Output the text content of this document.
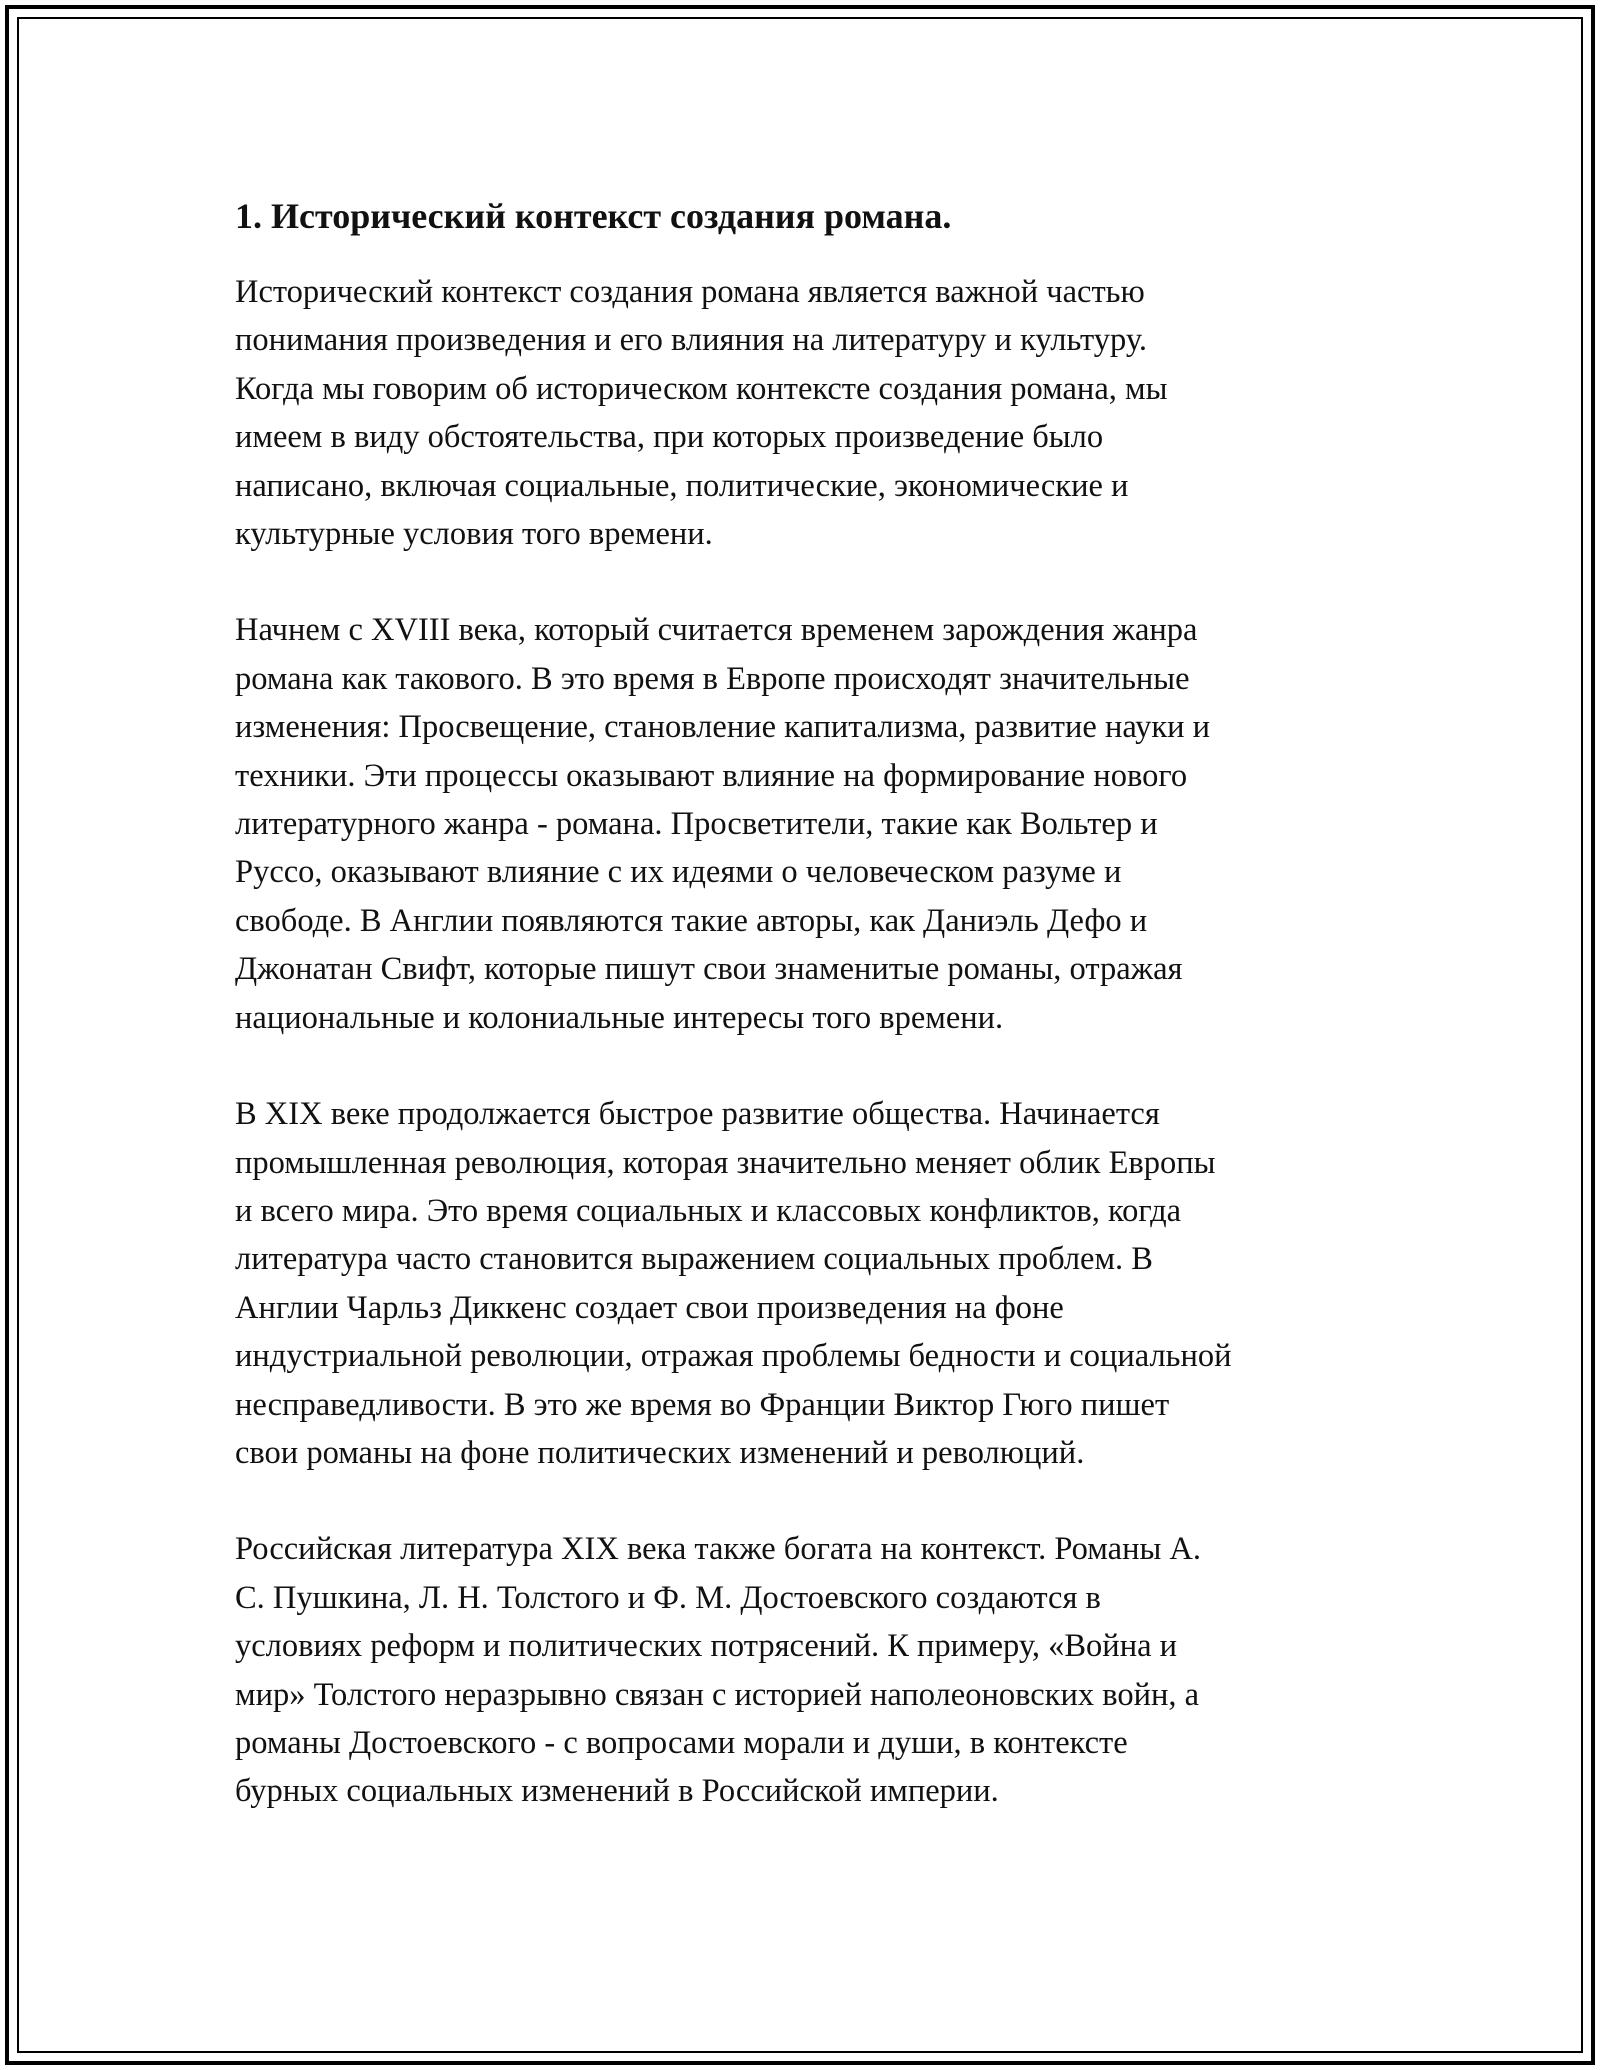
1. Исторический контекст создания романа.

Исторический контекст создания романа является важной частью
понимания произведения и его влияния на литературу и культуру.
Когда мы говорим об историческом контексте создания романа, мы
имеем в виду обстоятельства, при которых произведение было
написано, включая социальные, политические, экономические и
культурные условия того времени.

Начнем с XVIII века, который считается временем зарождения жанра
романа как такового. В это время в Европе происходят значительные
изменения: Просвещение, становление капитализма, развитие науки и
техники. Эти процессы оказывают влияние на формирование нового
литературного жанра - романа. Просветители, такие как Вольтер и
Руссо, оказывают влияние с их идеями о человеческом разуме и
свободе. В Англии появляются такие авторы, как Даниэль Дефо и
Джонатан Свифт, которые пишут свои знаменитые романы, отражая
национальные и колониальные интересы того времени.

В XIX веке продолжается быстрое развитие общества. Начинается
промышленная революция, которая значительно меняет облик Европы
и всего мира. Это время социальных и классовых конфликтов, когда
литература часто становится выражением социальных проблем. В
Англии Чарльз Диккенс создает свои произведения на фоне
индустриальной революции, отражая проблемы бедности и социальной
несправедливости. В это же время во Франции Виктор Гюго пишет
свои романы на фоне политических изменений и революций.

Российская литература XIX века также богата на контекст. Романы А.
С. Пушкина, Л. Н. Толстого и Ф. М. Достоевского создаются в
условиях реформ и политических потрясений. К примеру, «Война и
мир» Толстого неразрывно связан с историей наполеоновских войн, а
романы Достоевского - с вопросами морали и души, в контексте
бурных социальных изменений в Российской империи.
